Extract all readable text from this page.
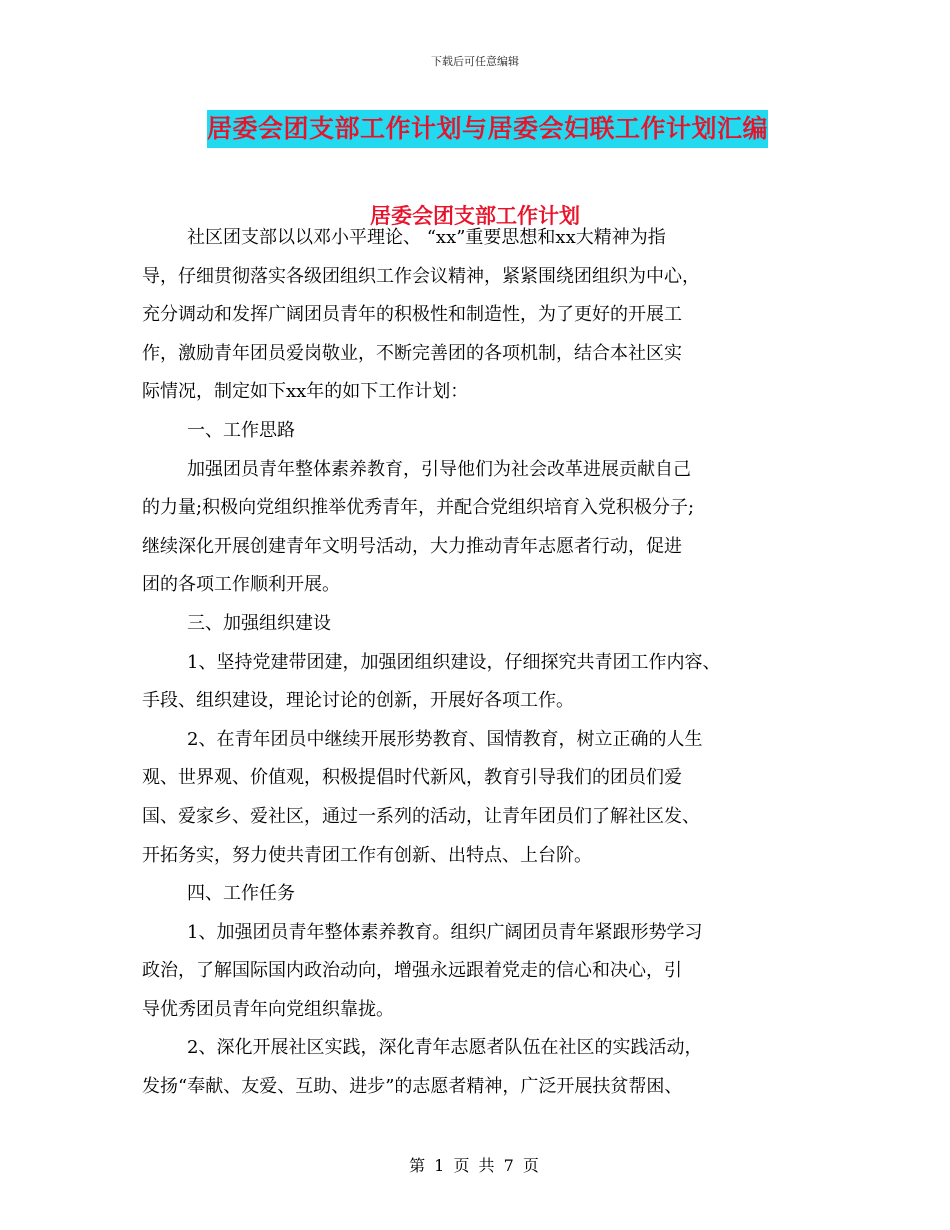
下载后可任意编辑
居委会团支部工作计划与居委会妇联工作计划汇编
居委会团支部工作计划
社区团支部以以邓小平理论、 “xx”重要思想和xx大精神为指
导，仔细贯彻落实各级团组织工作会议精神，紧紧围绕团组织为中心，
充分调动和发挥广阔团员青年的积极性和制造性，为了更好的开展工
作，激励青年团员爱岗敬业，不断完善团的各项机制，结合本社区实
际情况，制定如下xx年的如下工作计划：
一、工作思路
加强团员青年整体素养教育，引导他们为社会改革进展贡献自己
的力量;积极向党组织推举优秀青年，并配合党组织培育入党积极分子;
继续深化开展创建青年文明号活动，大力推动青年志愿者行动，促进
团的各项工作顺利开展。
三、加强组织建设
1、坚持党建带团建，加强团组织建设，仔细探究共青团工作内容、
手段、组织建设，理论讨论的创新，开展好各项工作。
2、在青年团员中继续开展形势教育、国情教育，树立正确的人生
观、世界观、价值观，积极提倡时代新风，教育引导我们的团员们爱
国、爱家乡、爱社区，通过一系列的活动，让青年团员们了解社区发、
开拓务实，努力使共青团工作有创新、出特点、上台阶。
四、工作任务
1、加强团员青年整体素养教育。组织广阔团员青年紧跟形势学习
政治，了解国际国内政治动向，增强永远跟着党走的信心和决心，引
导优秀团员青年向党组织靠拢。
2、深化开展社区实践，深化青年志愿者队伍在社区的实践活动，
发扬“奉献、友爱、互助、进步”的志愿者精神，广泛开展扶贫帮困、
第 1 页 共 7 页
